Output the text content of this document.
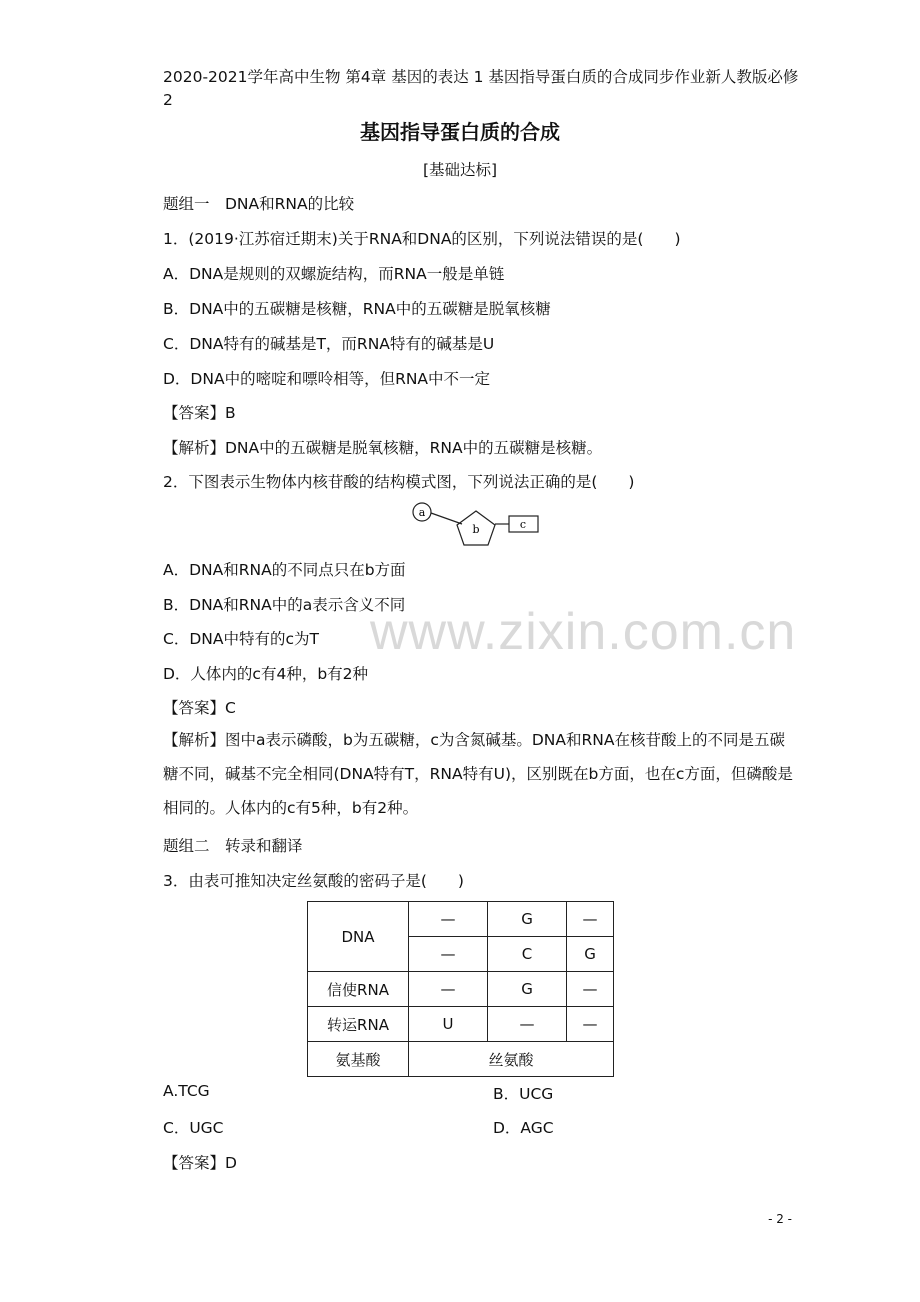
2020-2021学年高中生物 第4章 基因的表达 1 基因指导蛋白质的合成同步作业新人教版必修2
基因指导蛋白质的合成
[基础达标]
www.zixin.com.cn
题组一　DNA和RNA的比较
1．(2019·江苏宿迁期末)关于RNA和DNA的区别，下列说法错误的是(　　)
A．DNA是规则的双螺旋结构，而RNA一般是单链
B．DNA中的五碳糖是核糖，RNA中的五碳糖是脱氧核糖
C．DNA特有的碱基是T，而RNA特有的碱基是U
D．DNA中的嘧啶和嘌呤相等，但RNA中不一定
【答案】B
【解析】DNA中的五碳糖是脱氧核糖，RNA中的五碳糖是核糖。
2．下图表示生物体内核苷酸的结构模式图，下列说法正确的是(　　)
a
b	c
A．DNA和RNA的不同点只在b方面
B．DNA和RNA中的a表示含义不同
C．DNA中特有的c为T
D．人体内的c有4种，b有2种
【答案】C
【解析】图中a表示磷酸，b为五碳糖，c为含氮碱基。DNA和RNA在核苷酸上的不同是五碳糖不同，碱基不完全相同(DNA特有T，RNA特有U)，区别既在b方面，也在c方面，但磷酸是相同的。人体内的c有5种，b有2种。
题组二　转录和翻译
3．由表可推知决定丝氨酸的密码子是(　　)
DNA	—	G	—
	—	C	G
信使RNA	—	G	—
转运RNA	U	—	—
氨基酸	丝氨酸		
A.TCG	B．UCG
C．UGC	D．AGC
【答案】D
- 2 -
